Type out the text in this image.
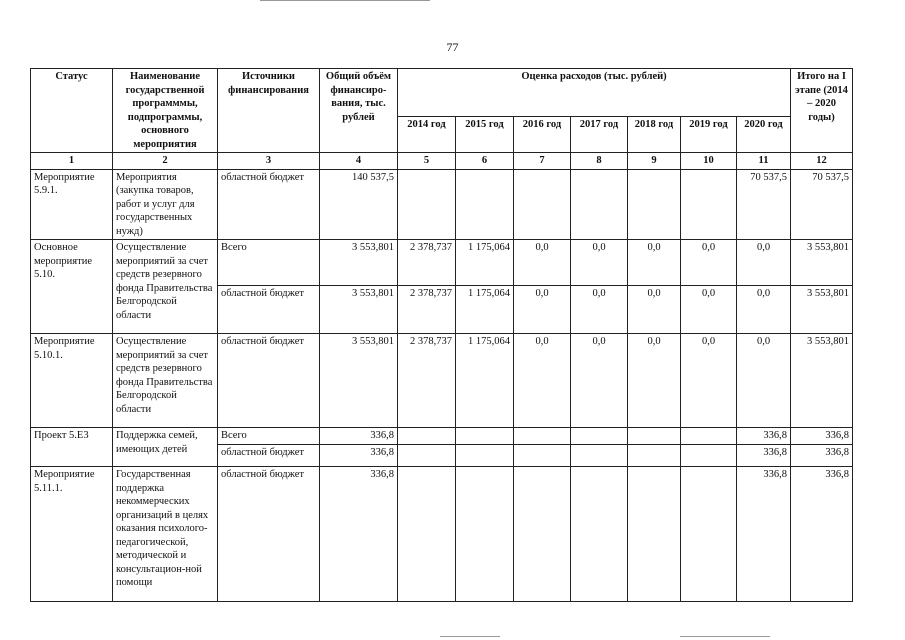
77
Статус	Наименование государственной программмы, подпрограммы, основного мероприятия	Источники финансирования	Общий объём финансиро-вания, тыс. рублей	Оценка расходов (тыс. рублей)							Итого на I этапе (2014 – 2020 годы)
				2014 год	2015 год	2016 год	2017 год	2018 год	2019 год	2020 год	
1	2	3	4	5	6	7	8	9	10	11	12
Мероприятие 5.9.1.	Мероприятия (закупка товаров, работ и услуг для государственных нужд)	областной бюджет	140 537,5							70 537,5	70 537,5
Основное мероприятие 5.10.	Осуществление мероприятий за счет средств резервного фонда Правительства Белгородской области	Всего	3 553,801	2 378,737	1 175,064	0,0	0,0	0,0	0,0	0,0	3 553,801
		областной бюджет	3 553,801	2 378,737	1 175,064	0,0	0,0	0,0	0,0	0,0	3 553,801
Мероприятие 5.10.1.	Осуществление мероприятий за счет средств резервного фонда Правительства Белгородской области	областной бюджет	3 553,801	2 378,737	1 175,064	0,0	0,0	0,0	0,0	0,0	3 553,801
Проект 5.Е3	Поддержка семей, имеющих детей	Всего	336,8							336,8	336,8
		областной бюджет	336,8							336,8	336,8
Мероприятие 5.11.1.	Государственная поддержка некоммерческих организаций в целях оказания психолого-педагогической, методической и консультацион-ной помощи	областной бюджет	336,8							336,8	336,8
